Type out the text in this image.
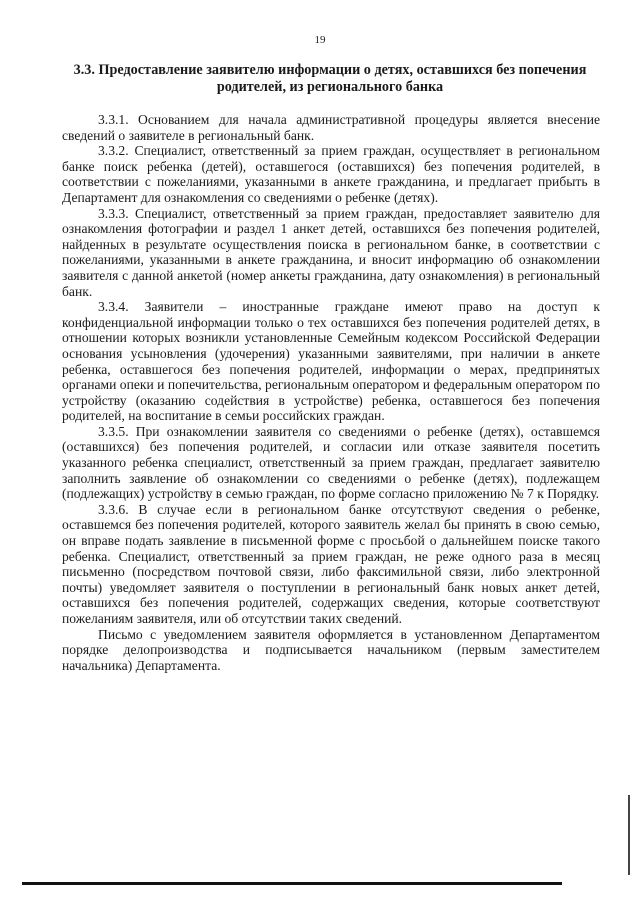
19
3.3. Предоставление заявителю информации о детях, оставшихся без попечения родителей, из регионального банка

3.3.1. Основанием для начала административной процедуры является внесение сведений о заявителе в региональный банк.

3.3.2. Специалист, ответственный за прием граждан, осуществляет в региональном банке поиск ребенка (детей), оставшегося (оставшихся) без попечения родителей, в соответствии с пожеланиями, указанными в анкете гражданина, и предлагает прибыть в Департамент для ознакомления со сведениями о ребенке (детях).

3.3.3. Специалист, ответственный за прием граждан, предоставляет заявителю для ознакомления фотографии и раздел 1 анкет детей, оставшихся без попечения родителей, найденных в результате осуществления поиска в региональном банке, в соответствии с пожеланиями, указанными в анкете гражданина, и вносит информацию об ознакомлении заявителя с данной анкетой (номер анкеты гражданина, дату ознакомления) в региональный банк.

3.3.4. Заявители – иностранные граждане имеют право на доступ к конфиденциальной информации только о тех оставшихся без попечения родителей детях, в отношении которых возникли установленные Семейным кодексом Российской Федерации основания усыновления (удочерения) указанными заявителями, при наличии в анкете ребенка, оставшегося без попечения родителей, информации о мерах, предпринятых органами опеки и попечительства, региональным оператором и федеральным оператором по устройству (оказанию содействия в устройстве) ребенка, оставшегося без попечения родителей, на воспитание в семьи российских граждан.

3.3.5. При ознакомлении заявителя со сведениями о ребенке (детях), оставшемся (оставшихся) без попечения родителей, и согласии или отказе заявителя посетить указанного ребенка специалист, ответственный за прием граждан, предлагает заявителю заполнить заявление об ознакомлении со сведениями о ребенке (детях), подлежащем (подлежащих) устройству в семью граждан, по форме согласно приложению № 7 к Порядку.

3.3.6. В случае если в региональном банке отсутствуют сведения о ребенке, оставшемся без попечения родителей, которого заявитель желал бы принять в свою семью, он вправе подать заявление в письменной форме с просьбой о дальнейшем поиске такого ребенка. Специалист, ответственный за прием граждан, не реже одного раза в месяц письменно (посредством почтовой связи, либо факсимильной связи, либо электронной почты) уведомляет заявителя о поступлении в региональный банк новых анкет детей, оставшихся без попечения родителей, содержащих сведения, которые соответствуют пожеланиям заявителя, или об отсутствии таких сведений.

Письмо с уведомлением заявителя оформляется в установленном Департаментом порядке делопроизводства и подписывается начальником (первым заместителем начальника) Департамента.
